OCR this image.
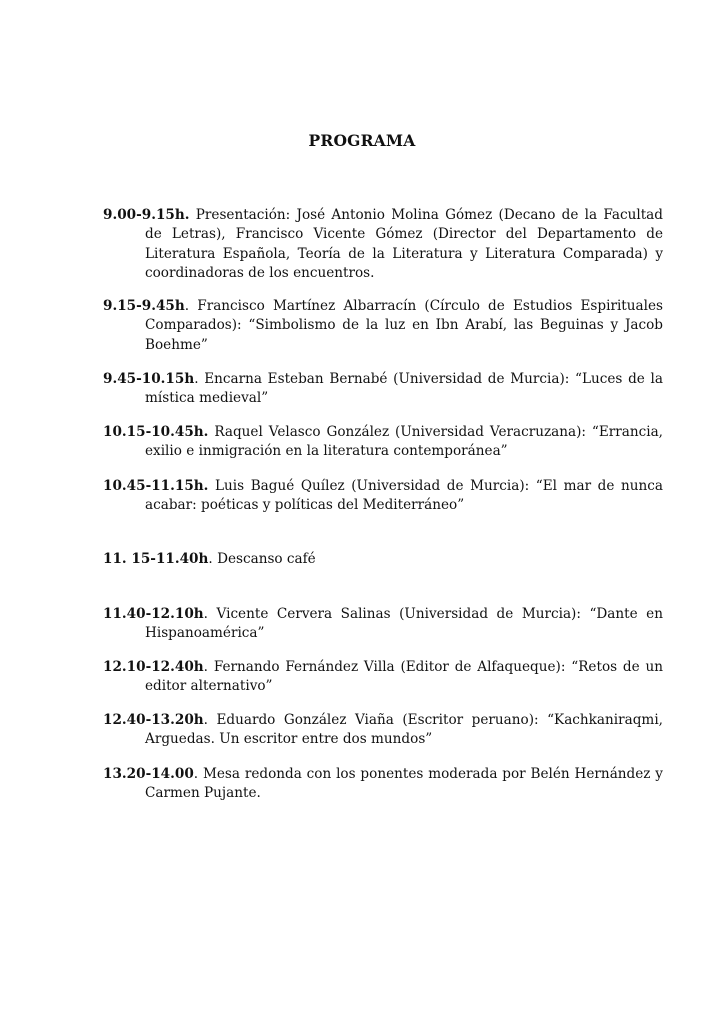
PROGRAMA
9.00-9.15h. Presentación: José Antonio Molina Gómez (Decano de la Facultad de Letras), Francisco Vicente Gómez (Director del Departamento de Literatura Española, Teoría de la Literatura y Literatura Comparada) y coordinadoras de los encuentros.
9.15-9.45h. Francisco Martínez Albarracín (Círculo de Estudios Espirituales Comparados): “Simbolismo de la luz en Ibn Arabí, las Beguinas y Jacob Boehme”
9.45-10.15h. Encarna Esteban Bernabé (Universidad de Murcia): “Luces de la mística medieval”
10.15-10.45h. Raquel Velasco González (Universidad Veracruzana): “Errancia, exilio e inmigración en la literatura contemporánea”
10.45-11.15h. Luis Bagué Quílez (Universidad de Murcia): “El mar de nunca acabar: poéticas y políticas del Mediterráneo”
11. 15-11.40h. Descanso café
11.40-12.10h. Vicente Cervera Salinas (Universidad de Murcia): “Dante en Hispanoamérica”
12.10-12.40h. Fernando Fernández Villa (Editor de Alfaqueque): “Retos de un editor alternativo”
12.40-13.20h. Eduardo González Viaña (Escritor peruano): “Kachkaniraqmi, Arguedas. Un escritor entre dos mundos”
13.20-14.00. Mesa redonda con los ponentes moderada por Belén Hernández y Carmen Pujante.
